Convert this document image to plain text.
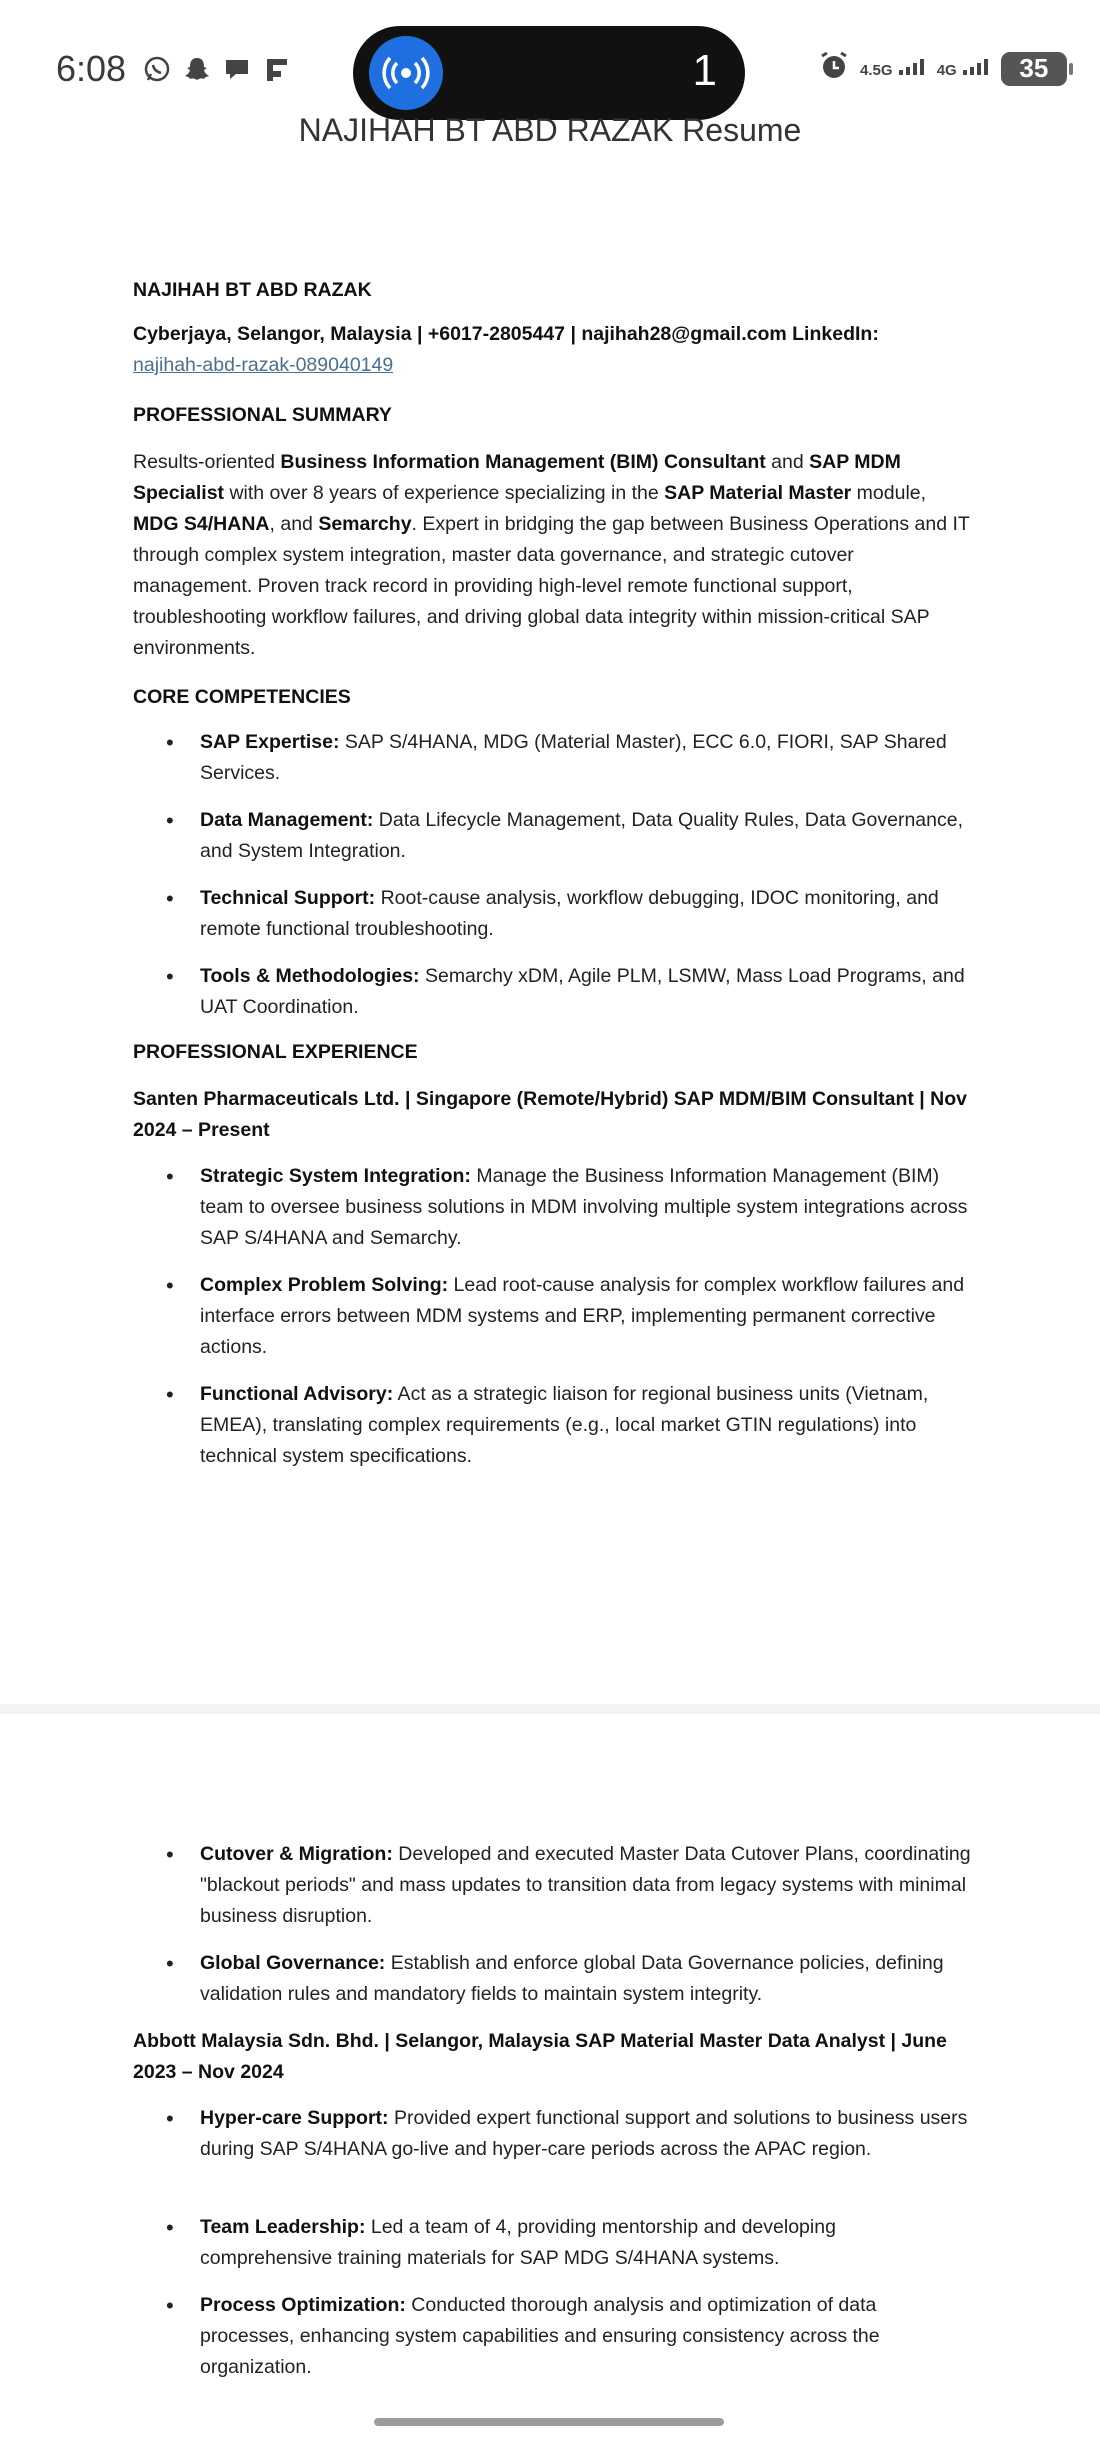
6:08	1	4.5G	4G	35
NAJIHAH BT ABD RAZAK Resume
NAJIHAH BT ABD RAZAK
Cyberjaya, Selangor, Malaysia | +6017-2805447 | najihah28@gmail.com LinkedIn:
najihah-abd-razak-089040149
PROFESSIONAL SUMMARY
Results-oriented Business Information Management (BIM) Consultant and SAP MDM Specialist with over 8 years of experience specializing in the SAP Material Master module, MDG S4/HANA, and Semarchy. Expert in bridging the gap between Business Operations and IT through complex system integration, master data governance, and strategic cutover management. Proven track record in providing high-level remote functional support, troubleshooting workflow failures, and driving global data integrity within mission-critical SAP environments.
CORE COMPETENCIES
• SAP Expertise: SAP S/4HANA, MDG (Material Master), ECC 6.0, FIORI, SAP Shared Services.
• Data Management: Data Lifecycle Management, Data Quality Rules, Data Governance, and System Integration.
• Technical Support: Root-cause analysis, workflow debugging, IDOC monitoring, and remote functional troubleshooting.
• Tools & Methodologies: Semarchy xDM, Agile PLM, LSMW, Mass Load Programs, and UAT Coordination.
PROFESSIONAL EXPERIENCE
Santen Pharmaceuticals Ltd. | Singapore (Remote/Hybrid) SAP MDM/BIM Consultant | Nov 2024 – Present
• Strategic System Integration: Manage the Business Information Management (BIM) team to oversee business solutions in MDM involving multiple system integrations across SAP S/4HANA and Semarchy.
• Complex Problem Solving: Lead root-cause analysis for complex workflow failures and interface errors between MDM systems and ERP, implementing permanent corrective actions.
• Functional Advisory: Act as a strategic liaison for regional business units (Vietnam, EMEA), translating complex requirements (e.g., local market GTIN regulations) into technical system specifications.
• Cutover & Migration: Developed and executed Master Data Cutover Plans, coordinating "blackout periods" and mass updates to transition data from legacy systems with minimal business disruption.
• Global Governance: Establish and enforce global Data Governance policies, defining validation rules and mandatory fields to maintain system integrity.
Abbott Malaysia Sdn. Bhd. | Selangor, Malaysia SAP Material Master Data Analyst | June 2023 – Nov 2024
• Hyper-care Support: Provided expert functional support and solutions to business users during SAP S/4HANA go-live and hyper-care periods across the APAC region.
• Team Leadership: Led a team of 4, providing mentorship and developing comprehensive training materials for SAP MDG S/4HANA systems.
• Process Optimization: Conducted thorough analysis and optimization of data processes, enhancing system capabilities and ensuring consistency across the organization.
